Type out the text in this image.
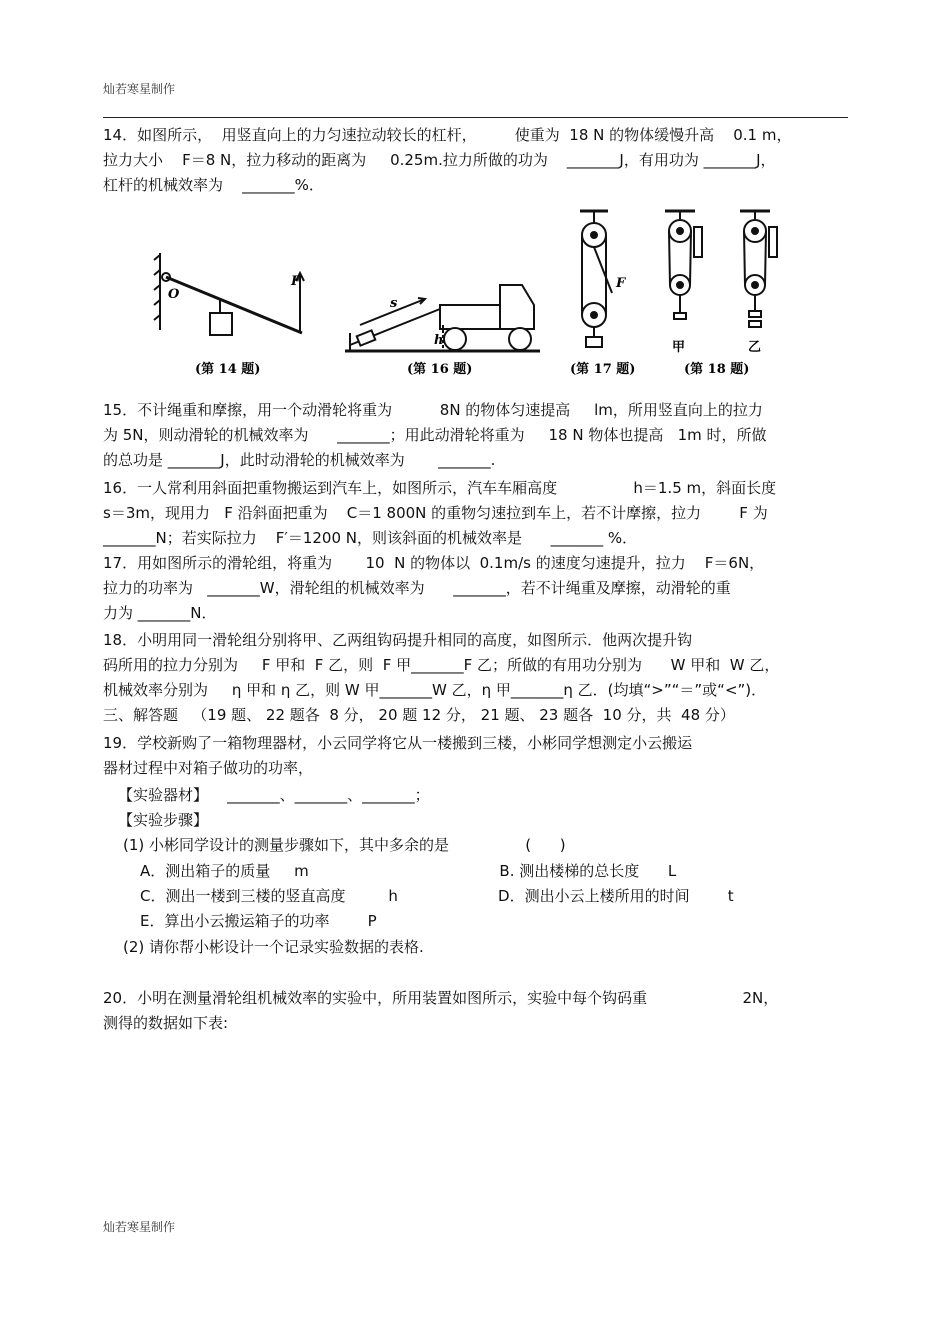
灿若寒星制作
14．如图所示，  用竖直向上的力匀速拉动较长的杠杆，        使重为  18 N 的物体缓慢升高    0.1 m，
拉力大小    F＝8 N，拉力移动的距离为     0.25m.拉力所做的功为    _______J，有用功为 _______J，
杠杆的机械效率为    _______%．
O
F
(第 14 题)
s
h
(第 16 题)
F
(第 17 题)
甲	乙
(第 18 题)
15．不计绳重和摩擦，用一个动滑轮将重为          8N 的物体匀速提高     lm，所用竖直向上的拉力
为 5N，则动滑轮的机械效率为      _______；用此动滑轮将重为     18 N 物体也提高   1m 时，所做
的总功是 _______J，此时动滑轮的机械效率为       _______.
16．一人常利用斜面把重物搬运到汽车上，如图所示，汽车车厢高度                h＝1.5 m，斜面长度
s＝3m，现用力   F 沿斜面把重为    C＝1 800N 的重物匀速拉到车上，若不计摩擦，拉力        F 为
_______N；若实际拉力    F′＝1200 N，则该斜面的机械效率是      _______ %．
17．用如图所示的滑轮组，将重为       10  N 的物体以  0.1m/s 的速度匀速提升，拉力    F＝6N，
拉力的功率为   _______W，滑轮组的机械效率为      _______，若不计绳重及摩擦，动滑轮的重
力为 _______N．
18．小明用同一滑轮组分别将甲、乙两组钩码提升相同的高度，如图所示．他两次提升钩
码所用的拉力分别为     F 甲和  F 乙，则  F 甲_______F 乙；所做的有用功分别为      W 甲和  W 乙，
机械效率分别为     η 甲和 η 乙，则 W 甲_______W 乙，η 甲_______η 乙．(均填“>”“＝”或“<”)．
三、解答题   （19 题、 22 题各  8 分， 20 题 12 分， 21 题、 23 题各  10 分，共  48 分）
19．学校新购了一箱物理器材，小云同学将它从一楼搬到三楼，小彬同学想测定小云搬运
器材过程中对箱子做功的功率，
【实验器材】    _______、_______、_______；
【实验步骤】
(1) 小彬同学设计的测量步骤如下，其中多余的是                (      )
A．测出箱子的质量     m                                        B. 测出楼梯的总长度      L
C．测出一楼到三楼的竖直高度         h                     D．测出小云上楼所用的时间        t
E．算出小云搬运箱子的功率        P
(2) 请你帮小彬设计一个记录实验数据的表格.
20．小明在测量滑轮组机械效率的实验中，所用装置如图所示，实验中每个钩码重                    2N，
测得的数据如下表:
灿若寒星制作
